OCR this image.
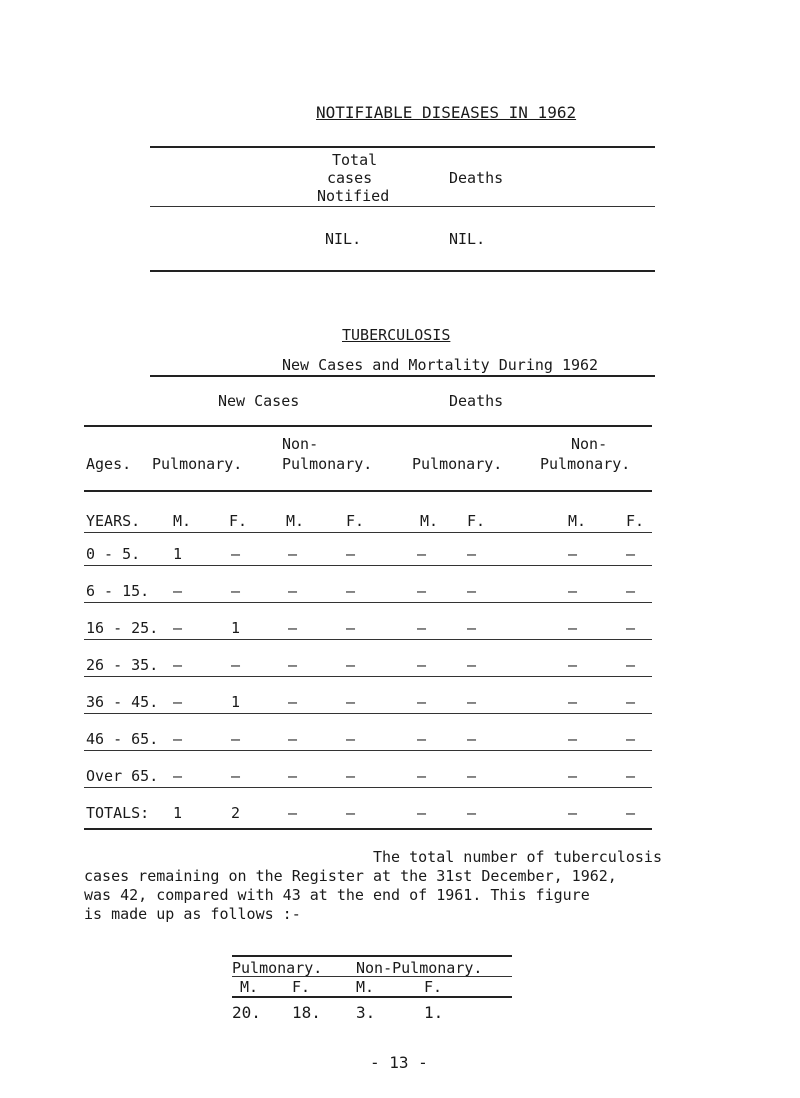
NOTIFIABLE DISEASES IN 1962
Total
cases	Deaths
Notified
NIL.	NIL.
TUBERCULOSIS
New Cases and Mortality During 1962
New Cases	Deaths
Non-	Non-
Ages. Pulmonary.	Pulmonary.	Pulmonary.	Pulmonary.
YEARS. M.	F.	M.	F.	M. F.	M.	F.
0 - 5. 1	–	–	–	–	–	–	–
6 - 15. –	–	–	–	–	–	–	–
16 - 25. –	1	–	–	–	–	–	–
26 - 35. –	–	–	–	–	–	–	–
36 - 45. –	1	–	–	–	–	–	–
46 - 65. –	–	–	–	–	–	–	–
Over 65. –	–	–	–	–	–	–	–
TOTALS: 1	2	–	–	–	–	–	–
The total number of tuberculosis
cases remaining on the Register at the 31st December, 1962,
was 42, compared with 43 at the end of 1961. This figure
is made up as follows :-
Pulmonary. Non-Pulmonary.
M. F.	M.	F.
20. 18. 3.	1.
- 13 -
